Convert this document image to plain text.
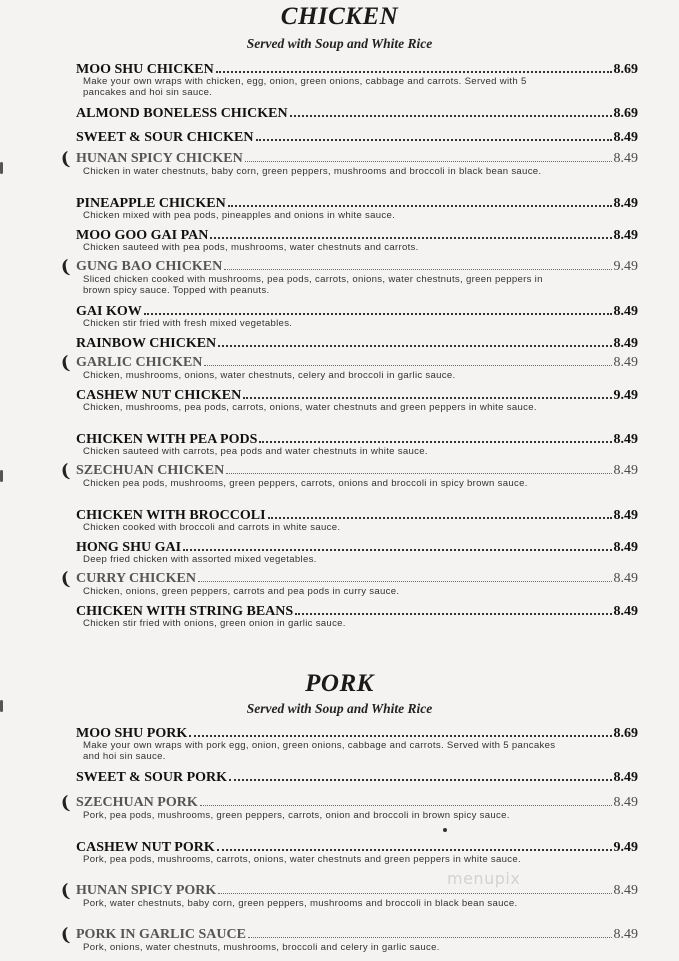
CHICKEN
Served with Soup and White Rice
MOO SHU CHICKEN	8.69
Make your own wraps with chicken, egg, onion, green onions, cabbage and carrots. Served with 5 pancakes and hoi sin sauce.
ALMOND BONELESS CHICKEN	8.69
SWEET & SOUR CHICKEN	8.49
( HUNAN SPICY CHICKEN	8.49
Chicken in water chestnuts, baby corn, green peppers, mushrooms and broccoli in black bean sauce.
PINEAPPLE CHICKEN	8.49
Chicken mixed with pea pods, pineapples and onions in white sauce.
MOO GOO GAI PAN	8.49
Chicken sauteed with pea pods, mushrooms, water chestnuts and carrots.
( GUNG BAO CHICKEN	9.49
Sliced chicken cooked with mushrooms, pea pods, carrots, onions, water chestnuts, green peppers in brown spicy sauce. Topped with peanuts.
GAI KOW	8.49
Chicken stir fried with fresh mixed vegetables.
RAINBOW CHICKEN	8.49
( GARLIC CHICKEN	8.49
Chicken, mushrooms, onions, water chestnuts, celery and broccoli in garlic sauce.
CASHEW NUT CHICKEN	9.49
Chicken, mushrooms, pea pods, carrots, onions, water chestnuts and green peppers in white sauce.
CHICKEN WITH PEA PODS	8.49
Chicken sauteed with carrots, pea pods and water chestnuts in white sauce.
( SZECHUAN CHICKEN	8.49
Chicken pea pods, mushrooms, green peppers, carrots, onions and broccoli in spicy brown sauce.
CHICKEN WITH BROCCOLI	8.49
Chicken cooked with broccoli and carrots in white sauce.
HONG SHU GAI	8.49
Deep fried chicken with assorted mixed vegetables.
( CURRY CHICKEN	8.49
Chicken, onions, green peppers, carrots and pea pods in curry sauce.
CHICKEN WITH STRING BEANS	8.49
Chicken stir fried with onions, green onion in garlic sauce.
PORK
Served with Soup and White Rice
MOO SHU PORK	8.69
Make your own wraps with pork egg, onion, green onions, cabbage and carrots. Served with 5 pancakes and hoi sin sauce.
SWEET & SOUR PORK	8.49
( SZECHUAN PORK	8.49
Pork, pea pods, mushrooms, green peppers, carrots, onion and broccoli in brown spicy sauce.
CASHEW NUT PORK	9.49
Pork, pea pods, mushrooms, carrots, onions, water chestnuts and green peppers in white sauce.
( HUNAN SPICY PORK	8.49
Pork, water chestnuts, baby corn, green peppers, mushrooms and broccoli in black bean sauce.
( PORK IN GARLIC SAUCE	8.49
Pork, onions, water chestnuts, mushrooms, broccoli and celery in garlic sauce.
menupix
